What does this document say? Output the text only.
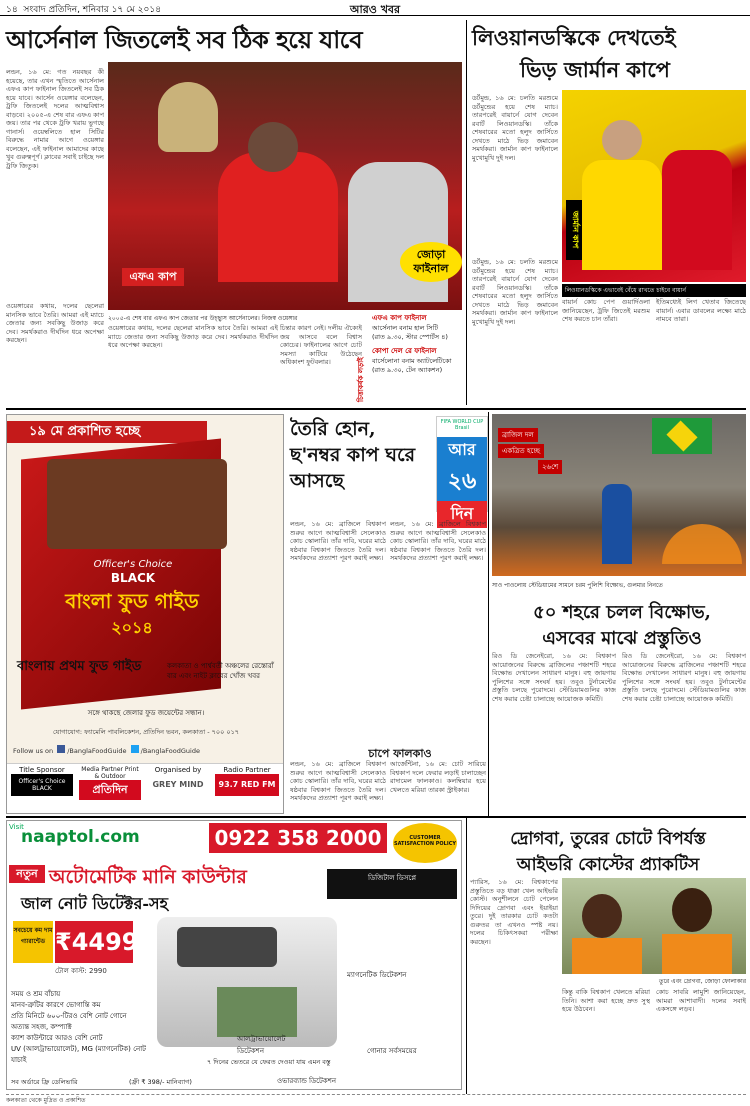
১৪ সংবাদ প্রতিদিন, শনিবার ১৭ মে ২০১৪	আরও খবর
আর্সেনাল জিতলেই সব ঠিক হয়ে যাবে
লন্ডন, ১৬ মে: গত নয়বছর কী হয়েছে, তার এখন স্মৃতিতে আর্সেনাল এফএ কাপ ফাইনাল জিতলেই সব ঠিক হয়ে যাবে। আর্সেন ওয়েঙ্গার বলেছেন, ট্রফি জিতলেই দলের আত্মবিশ্বাস বাড়বে। ২০০৫-এ শেষ বার এফএ কাপ জয়। তার পর থেকে ট্রফি খরায় ভুগছে গানার্স। ওয়েম্বলিতে হাল সিটির বিরুদ্ধে নামার আগে ওয়েঙ্গার বলেছেন, এই ফাইনাল আমাদের কাছে খুব গুরুত্বপূর্ণ। ক্লাবের সবাই চাইছে দল ট্রফি জিতুক।
এফএ কাপ
জোড়া ফাইনাল
২০০৫-এ শেষ বার এফএ কাপ জেতার পর উচ্ছ্বাস আর্সেনালের। নিজস্ব ওয়েঙ্গার
ওয়েঙ্গারের কথায়, দলের ছেলেরা মানসিক ভাবে তৈরি। আমরা এই ম্যাচে জেতার জন্য সবকিছু উজাড় করে দেব। সমর্থকরাও দীর্ঘদিন ধরে অপেক্ষা করছেন।
ওয়েঙ্গারের কথায়, দলের ছেলেরা মানসিক ভাবে তৈরি। আমরা এই ম্যাচে জেতার জন্য সবকিছু উজাড় করে দেব। সমর্থকরাও দীর্ঘদিন ধরে অপেক্ষা করছেন।
চিন্তার কারণ নেই। দলীয় ঐক্যেই জয় আসবে বলে বিশ্বাস কোচের। ফাইনালের আগে চোট সমস্যা কাটিয়ে উঠেছেন অধিকাংশ ফুটবলার।
এফএ কাপ ফাইনাল
আর্সেনাল বনাম হাল সিটি
(রাত ৯.৩০, স্টার স্পোর্টস ৪)
কোপা দেল রে ফাইনাল
বার্সেলোনা বনাম অ্যাটলেটিকো
(রাত ৯.৩০, টেন অ্যাকশন)
চিত্তাকর্ষক লড়াই
লিওয়ানডস্কিকে দেখতেই
ভিড় জার্মান কাপে
ডর্টমুন্ড, ১৬ মে: চলতি মরশুমে ডর্টমুন্ডের হয়ে শেষ ম্যাচ। তারপরেই বায়ার্নে যোগ দেবেন রবার্ট লিওয়ানডস্কি। তাঁকে শেষবারের মতো হলুদ জার্সিতে দেখতে মাঠে ভিড় জমাবেন সমর্থকরা। জার্মান কাপ ফাইনালে মুখোমুখি দুই দল।
জার্মান কাপ
লিওয়ানডস্কিকে এভাবেই বেঁধে রাখতে চাইবে বায়ার্ন
ডর্টমুন্ড, ১৬ মে: চলতি মরশুমে ডর্টমুন্ডের হয়ে শেষ ম্যাচ। তারপরেই বায়ার্নে যোগ দেবেন রবার্ট লিওয়ানডস্কি। তাঁকে শেষবারের মতো হলুদ জার্সিতে দেখতে মাঠে ভিড় জমাবেন সমর্থকরা। জার্মান কাপ ফাইনালে মুখোমুখি দুই দল।
বায়ার্ন কোচ পেপ গুয়ার্দিওলা জানিয়েছেন, ট্রফি জিতেই মরশুম শেষ করতে চান তাঁরা।
ইতিমধ্যেই লিগ খেতাব জিতেছে বায়ার্ন। এবার ডাবলের লক্ষ্যে মাঠে নামবে তারা।
১৯ মে প্রকাশিত হচ্ছে
Officer's Choice
BLACK
বাংলা ফুড গাইড
২০১৪
বাংলায় প্রথম ফুড গাইড	কলকাতা ও পার্শ্ববর্তী অঞ্চলের রেস্তোরাঁ
বার এবং নাইট ক্লাবের খোঁজ খবর
সঙ্গে থাকছে জেলার ফুড জয়েন্টের সন্ধান।
যোগাযোগ: ফ্যামেলি পাবলিকেশন, প্রতিদিন ভবন, কলকাতা - ৭০০ ০১৭
Follow us on /BanglaFoodGuide /BanglaFoodGuide
Title Sponsor
Officer's Choice BLACK
Media Partner Print & Outdoor
প্রতিদিন
Organised by
GREY MIND
Radio Partner
93.7 RED FM
তৈরি হোন, ছ'নম্বর কাপ ঘরে আসছে
FIFA WORLD CUP Brasil
আর
২৬
দিন
লন্ডন, ১৬ মে: ব্রাজিলে বিশ্বকাপ শুরুর আগে আত্মবিশ্বাসী সেলেকাও কোচ স্কোলারি। তাঁর দাবি, ঘরের মাঠে ষষ্ঠবার বিশ্বকাপ জিততে তৈরি দল। সমর্থকদের প্রত্যাশা পূরণ করাই লক্ষ্য।
লন্ডন, ১৬ মে: ব্রাজিলে বিশ্বকাপ শুরুর আগে আত্মবিশ্বাসী সেলেকাও কোচ স্কোলারি। তাঁর দাবি, ঘরের মাঠে ষষ্ঠবার বিশ্বকাপ জিততে তৈরি দল। সমর্থকদের প্রত্যাশা পূরণ করাই লক্ষ্য।
চাপে ফালকাও
আর্জেন্টিনা, ১৬ মে: চোট সারিয়ে বিশ্বকাপ দলে ফেরার লড়াই চালাচ্ছেন রাদামেল ফালকাও। কলম্বিয়ার হয়ে খেলতে মরিয়া তারকা স্ট্রাইকার।
লন্ডন, ১৬ মে: ব্রাজিলে বিশ্বকাপ শুরুর আগে আত্মবিশ্বাসী সেলেকাও কোচ স্কোলারি। তাঁর দাবি, ঘরের মাঠে ষষ্ঠবার বিশ্বকাপ জিততে তৈরি দল। সমর্থকদের প্রত্যাশা পূরণ করাই লক্ষ্য।
ব্রাজিল দল
একত্রিত হচ্ছে
২৬শে
সাও পাওলোয় স্টেডিয়ামের সামনে চরম পুলিশি বিক্ষোভ, গুলমার নিনতে
৫০ শহরে চলল বিক্ষোভ,
এসবের মাঝে প্রস্তুতিও
রিও ডি জেনেইরো, ১৬ মে: বিশ্বকাপ আয়োজনের বিরুদ্ধে ব্রাজিলের পঞ্চাশটি শহরে বিক্ষোভ দেখালেন সাধারণ মানুষ। বহু জায়গায় পুলিশের সঙ্গে সংঘর্ষ হয়। তবুও টুর্নামেন্টের প্রস্তুতি চলছে পুরোদমে। স্টেডিয়ামগুলির কাজ শেষ করার চেষ্টা চালাচ্ছে আয়োজক কমিটি।
রিও ডি জেনেইরো, ১৬ মে: বিশ্বকাপ আয়োজনের বিরুদ্ধে ব্রাজিলের পঞ্চাশটি শহরে বিক্ষোভ দেখালেন সাধারণ মানুষ। বহু জায়গায় পুলিশের সঙ্গে সংঘর্ষ হয়। তবুও টুর্নামেন্টের প্রস্তুতি চলছে পুরোদমে। স্টেডিয়ামগুলির কাজ শেষ করার চেষ্টা চালাচ্ছে আয়োজক কমিটি।
Visit
naaptol.com	0922 358 2000	CUSTOMER SATISFACTION POLICY
নতুন অটোমেটিক মানি কাউন্টার
জাল নোট ডিটেক্টর-সহ
ডিজিটাল ডিসপ্লে
সবচেয়ে কম দাম গ্যারান্টেড ₹4499
টোল কাস্ট: 2990	ম্যাগনেটিক ডিটেকশন
আলট্রাভায়োলেট ডিটেকশন
ওভারব্যান্ড ডিটেকশন
গোনার সর্বসময়ের
সময় ও শ্রম বাঁচায়
মানব-ত্রুটির কারণে ভোগান্তি কম
প্রতি মিনিটে ৬০০-টিরও বেশি নোট গোনে
অত্যন্ত সহজ, কম্প্যাক্ট
ক্যাশ কাউন্টারে আরও বেশি নোট
UV (আলট্রাভায়োলেট), MG (ম্যাগনেটিক) নোট যাচাই	৭ দিনের ভেতরে যে ফেরত দেওয়া যায় এমন বস্তু
সব অর্ডারে ফ্রি ডেলিভারি	(ফ্রী ₹ 398/- মানিব্যাগ)
দ্রোগবা, তুরের চোটে বিপর্যস্ত
আইভরি কোস্টের প্র্যাকটিস
প্যারিস, ১৬ মে: বিশ্বকাপের প্রস্তুতিতে বড় ধাক্কা খেল আইভরি কোস্ট। অনুশীলনে চোট পেলেন দিদিয়ের দ্রোগবা এবং ইয়াইয়া তুরে। দুই তারকার চোট কতটা গুরুতর তা এখনও স্পষ্ট নয়। দলের চিকিৎসকরা পরীক্ষা করছেন।
তুরে এবং দ্রোগবা, জোড়া ফোলাকার
কিন্তু বাকি বিশ্বকাপ খেলতে মরিয়া তিনি। আশা করা হচ্ছে দ্রুত সুস্থ হয়ে উঠবেন।
কোচ সাবরি লামুশি জানিয়েছেন, আমরা আশাবাদী। দলের সবাই একসঙ্গে লড়ব।
কলকাতা থেকে মুদ্রিত ও প্রকাশিত
